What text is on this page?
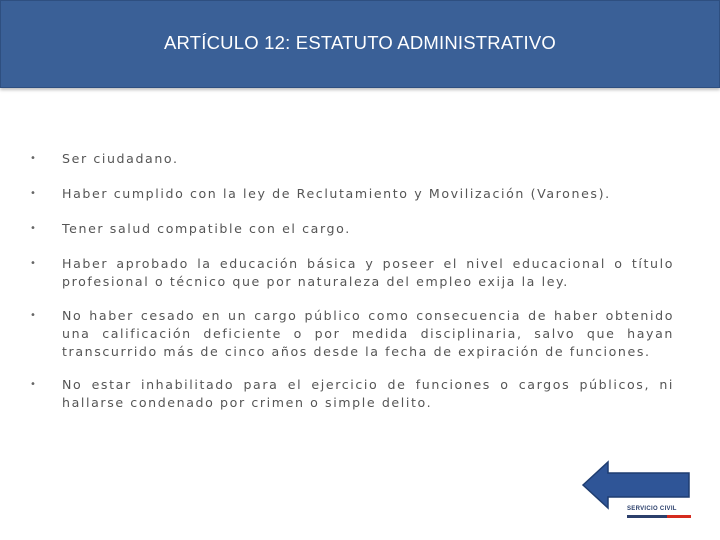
ARTÍCULO 12: ESTATUTO ADMINISTRATIVO
• Ser ciudadano.
• Haber cumplido con la ley de Reclutamiento y Movilización (Varones).
• Tener salud compatible con el cargo.
• Haber aprobado la educación básica y poseer el nivel educacional o título profesional o técnico que por naturaleza del empleo exija la ley.
• No haber cesado en un cargo público como consecuencia de haber obtenido una calificación deficiente o por medida disciplinaria, salvo que hayan transcurrido más de cinco años desde la fecha de expiración de funciones.
• No estar inhabilitado para el ejercicio de funciones o cargos públicos, ni hallarse condenado por crimen o simple delito.
SERVICIO CIVIL
